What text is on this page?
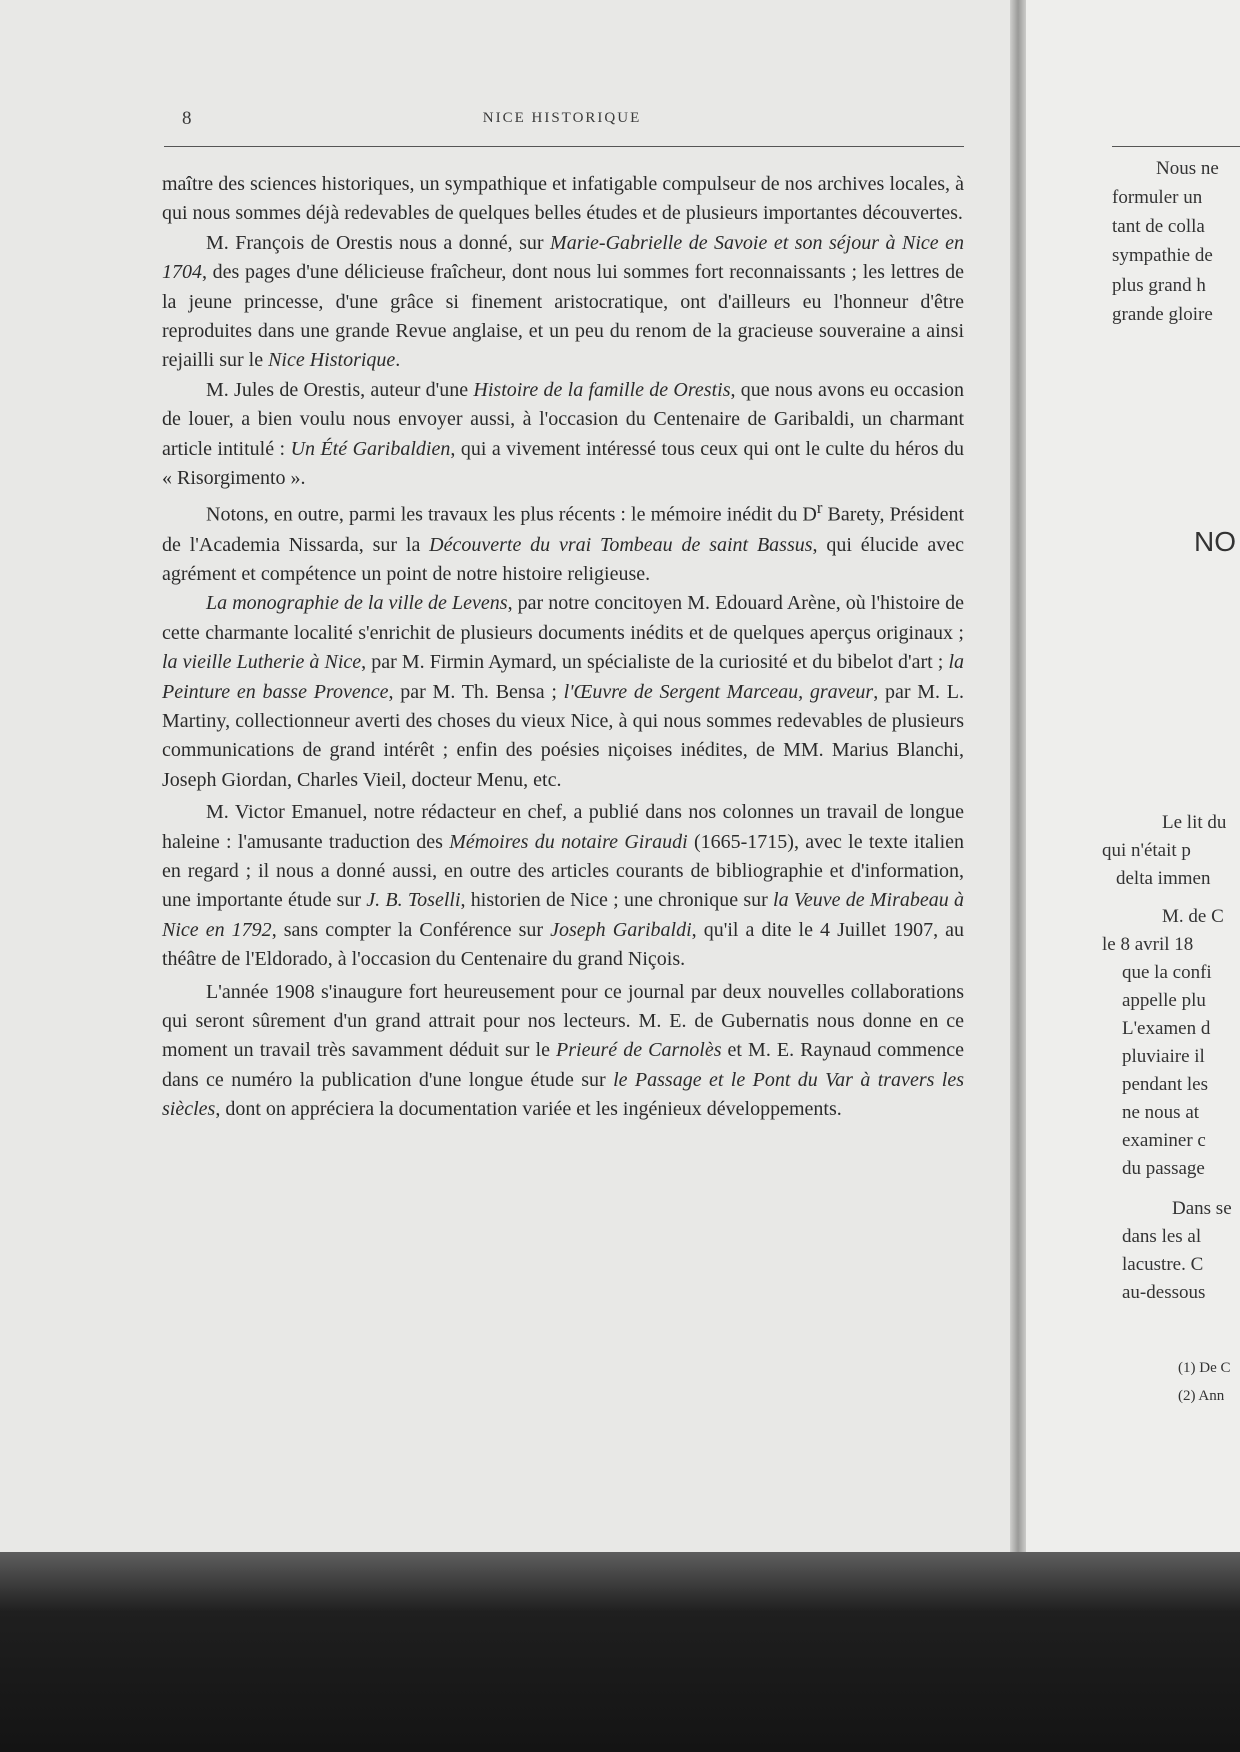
8	NICE HISTORIQUE

maître des sciences historiques, un sympathique et infatigable compulseur de nos archives locales, à qui nous sommes déjà redevables de quelques belles études et de plusieurs importantes découvertes.

M. François de Orestis nous a donné, sur Marie-Gabrielle de Savoie et son séjour à Nice en 1704, des pages d'une délicieuse fraîcheur, dont nous lui sommes fort reconnaissants ; les lettres de la jeune princesse, d'une grâce si finement aristocratique, ont d'ailleurs eu l'honneur d'être reproduites dans une grande Revue anglaise, et un peu du renom de la gracieuse souveraine a ainsi rejailli sur le Nice Historique.

M. Jules de Orestis, auteur d'une Histoire de la famille de Orestis, que nous avons eu occasion de louer, a bien voulu nous envoyer aussi, à l'occasion du Centenaire de Garibaldi, un charmant article intitulé : Un Été Garibaldien, qui a vivement intéressé tous ceux qui ont le culte du héros du « Risorgimento ».

Notons, en outre, parmi les travaux les plus récents : le mémoire inédit du $D^r$ Barety, Président de l'Academia Nissarda, sur la Découverte du vrai Tombeau de saint Bassus, qui élucide avec agrément et compétence un point de notre histoire religieuse.

La monographie de la ville de Levens, par notre concitoyen M. Edouard Arène, où l'histoire de cette charmante localité s'enrichit de plusieurs documents inédits et de quelques aperçus originaux ; la vieille Lutherie à Nice, par M. Firmin Aymard, un spécialiste de la curiosité et du bibelot d'art ; la Peinture en basse Provence, par M. Th. Bensa ; l'Œuvre de Sergent Marceau, graveur, par M. L. Martiny, collectionneur averti des choses du vieux Nice, à qui nous sommes redevables de plusieurs communications de grand intérêt ; enfin des poésies niçoises inédites, de MM. Marius Blanchi, Joseph Giordan, Charles Vieil, docteur Menu, etc.

M. Victor Emanuel, notre rédacteur en chef, a publié dans nos colonnes un travail de longue haleine : l'amusante traduction des Mémoires du notaire Giraudi (1665-1715), avec le texte italien en regard ; il nous a donné aussi, en outre des articles courants de bibliographie et d'information, une importante étude sur J. B. Toselli, historien de Nice ; une chronique sur la Veuve de Mirabeau à Nice en 1792, sans compter la Conférence sur Joseph Garibaldi, qu'il a dite le 4 Juillet 1907, au théâtre de l'Eldorado, à l'occasion du Centenaire du grand Niçois.

L'année 1908 s'inaugure fort heureusement pour ce journal par deux nouvelles collaborations qui seront sûrement d'un grand attrait pour nos lecteurs. M. E. de Gubernatis nous donne en ce moment un travail très savamment déduit sur le Prieuré de Carnolès et M. E. Raynaud commence dans ce numéro la publication d'une longue étude sur le Passage et le Pont du Var à travers les siècles, dont on appréciera la documentation variée et les ingénieux développements.

Nous ne
formuler un
tant de colla
sympathie de
plus grand h
grande gloire
NO
Le lit du
qui n'était p
delta immen
M. de C
le 8 avril 18
que la confi
appelle plu
L'examen d
pluviaire il
pendant les
ne nous at
examiner c
du passage
Dans se
dans les al
lacustre. C
au-dessous
(1) De C
(2) Ann
